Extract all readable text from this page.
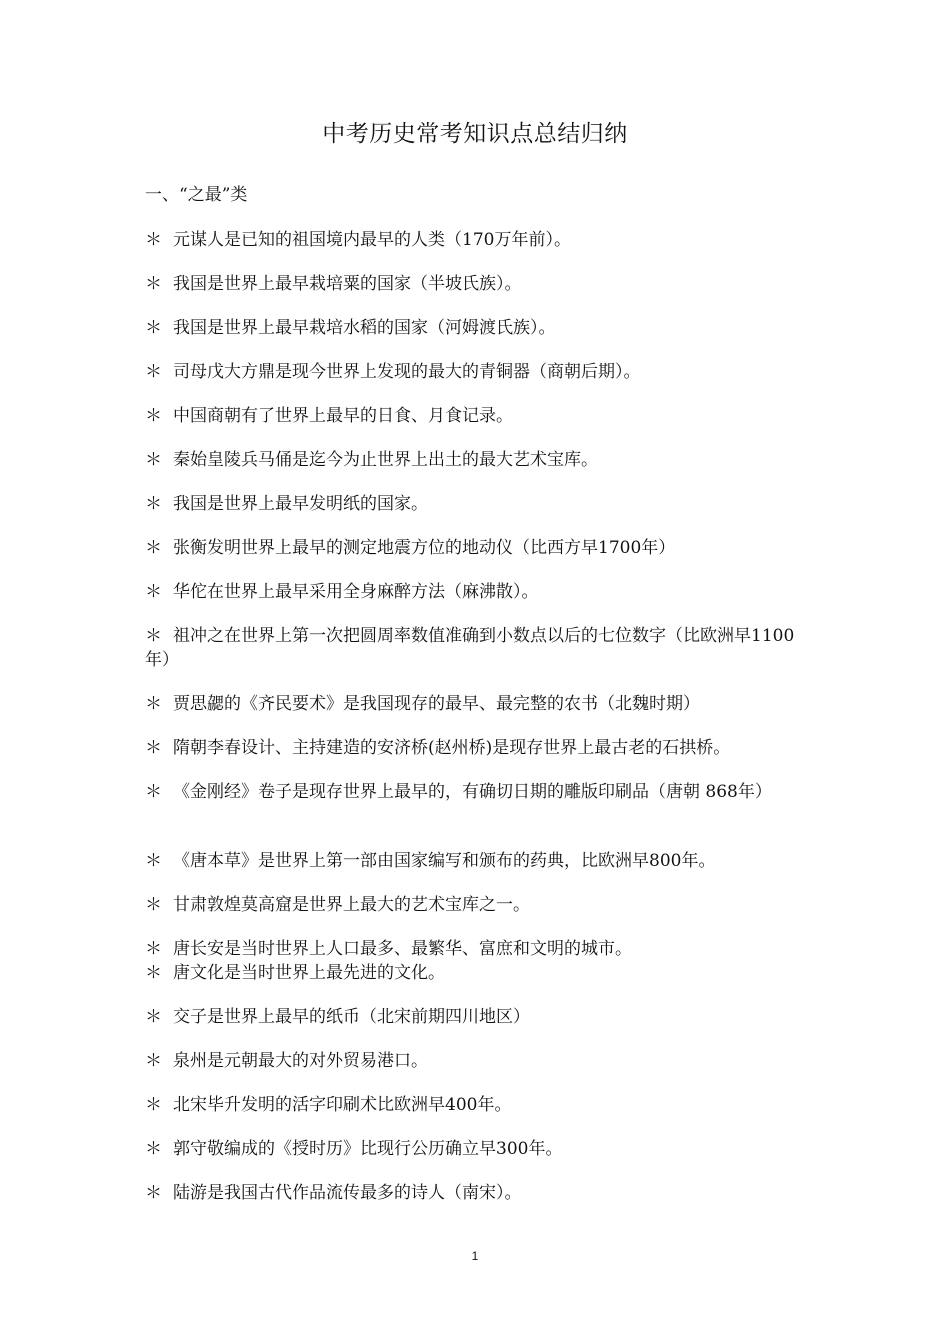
中考历史常考知识点总结归纳
一、“之最”类
＊ 元谋人是已知的祖国境内最早的人类（170万年前）。
＊ 我国是世界上最早栽培粟的国家（半坡氏族）。
＊ 我国是世界上最早栽培水稻的国家（河姆渡氏族）。
＊ 司母戊大方鼎是现今世界上发现的最大的青铜器（商朝后期）。
＊ 中国商朝有了世界上最早的日食、月食记录。
＊ 秦始皇陵兵马俑是迄今为止世界上出土的最大艺术宝库。
＊ 我国是世界上最早发明纸的国家。
＊ 张衡发明世界上最早的测定地震方位的地动仪（比西方早1700年）
＊ 华佗在世界上最早采用全身麻醉方法（麻沸散）。
＊ 祖冲之在世界上第一次把圆周率数值准确到小数点以后的七位数字（比欧洲早1100年）
＊ 贾思勰的《齐民要术》是我国现存的最早、最完整的农书（北魏时期）
＊ 隋朝李春设计、主持建造的安济桥(赵州桥)是现存世界上最古老的石拱桥。
＊ 《金刚经》卷子是现存世界上最早的，有确切日期的雕版印刷品（唐朝 868年）
＊ 《唐本草》是世界上第一部由国家编写和颁布的药典，比欧洲早800年。
＊ 甘肃敦煌莫高窟是世界上最大的艺术宝库之一。
＊ 唐长安是当时世界上人口最多、最繁华、富庶和文明的城市。
＊ 唐文化是当时世界上最先进的文化。
＊ 交子是世界上最早的纸币（北宋前期四川地区）
＊ 泉州是元朝最大的对外贸易港口。
＊ 北宋毕升发明的活字印刷术比欧洲早400年。
＊ 郭守敬编成的《授时历》比现行公历确立早300年。
＊ 陆游是我国古代作品流传最多的诗人（南宋）。
1
